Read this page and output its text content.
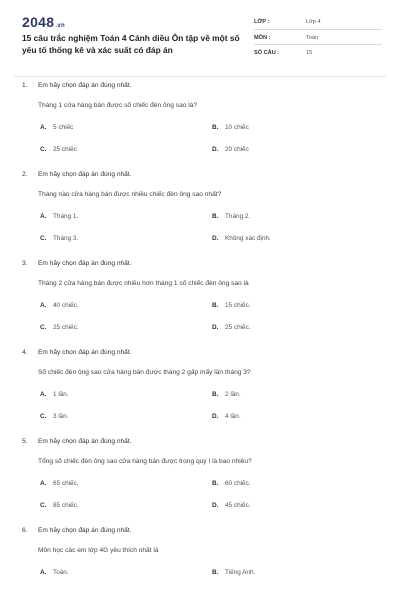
2048.vn
15 câu trắc nghiệm Toán 4 Cánh diều Ôn tập về một số yếu tố thống kê và xác suất có đáp án
LỚP :	Lớp 4
MÔN :	Toán
SỐ CÂU :	15
1. Em hãy chọn đáp án đúng nhất.
Tháng 1 cửa hàng bán được số chiếc đèn ông sao là?
A. 5 chiếc	B. 10 chiếc
C. 25 chiếc	D. 20 chiếc
2. Em hãy chọn đáp án đúng nhất.
Tháng nào cửa hàng bán được nhiều chiếc đèn ông sao nhất?
A. Tháng 1.	B. Tháng 2.
C. Tháng 3.	D. Không xác định.
3. Em hãy chọn đáp án đúng nhất.
Tháng 2 cửa hàng bán được nhiều hơn tháng 1 số chiếc đèn ông sao là
A. 40 chiếc.	B. 15 chiếc.
C. 25 chiếc.	D. 25 chiếc.
4. Em hãy chọn đáp án đúng nhất.
Số chiếc đèn ông sao cửa hàng bán được tháng 2 gấp mấy lần tháng 3?
A. 1 lần.	B. 2 lần.
C. 3 lần.	D. 4 lần.
5. Em hãy chọn đáp án đúng nhất.
Tổng số chiếc đèn ông sao cửa hàng bán được trong quý I là bao nhiêu?
A. 65 chiếc.	B. 60 chiếc.
C. 85 chiếc.	D. 45 chiếc.
6. Em hãy chọn đáp án đúng nhất.
Môn học các em lớp 4G yêu thích nhất là
A. Toán.	B. Tiếng Anh.
